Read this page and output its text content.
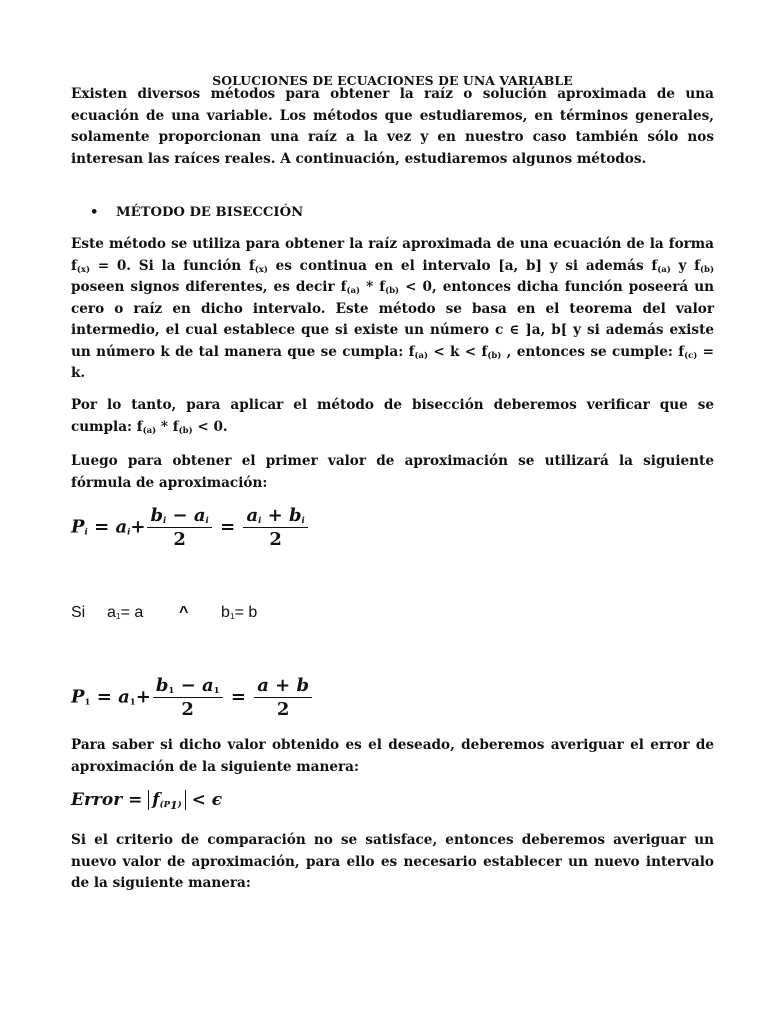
SOLUCIONES DE ECUACIONES DE UNA VARIABLE

Existen diversos métodos para obtener la raíz o solución aproximada de una ecuación de una variable. Los métodos que estudiaremos, en términos generales, solamente proporcionan una raíz a la vez y en nuestro caso también sólo nos interesan las raíces reales. A continuación, estudiaremos algunos métodos.

• MÉTODO DE BISECCIÓN

Este método se utiliza para obtener la raíz aproximada de una ecuación de la forma $f_{(x)} = 0$. Si la función $f_{(x)}$ es continua en el intervalo [a, b] y si además $f_{(a)}$ y $f_{(b)}$ poseen signos diferentes, es decir $f_{(a)} * f_{(b)} < 0$, entonces dicha función poseerá un cero o raíz en dicho intervalo. Este método se basa en el teorema del valor intermedio, el cual establece que si existe un número c ∈ ]a, b[ y si además existe un número k de tal manera que se cumpla: $f_{(a)} < k < f_{(b)}$ , entonces se cumple: $f_{(c)} = k$.

Por lo tanto, para aplicar el método de bisección deberemos verificar que se cumpla: $f_{(a)} * f_{(b)} < 0$.

Luego para obtener el primer valor de aproximación se utilizará la siguiente fórmula de aproximación:

$P_i = a_i+ \frac{b_i - a_i}{2} = \frac{a_i + b_i}{2}$
Si $a_1= a$ ^ $b_1= b$
$P_1 = a_1+ \frac{b_1 - a_1}{2} = \frac{a + b}{2}$

Para saber si dicho valor obtenido es el deseado, deberemos averiguar el error de aproximación de la siguiente manera:

Error = $f_{(P_1)} < \epsilon$

Si el criterio de comparación no se satisface, entonces deberemos averiguar un nuevo valor de aproximación, para ello es necesario establecer un nuevo intervalo de la siguiente manera:
